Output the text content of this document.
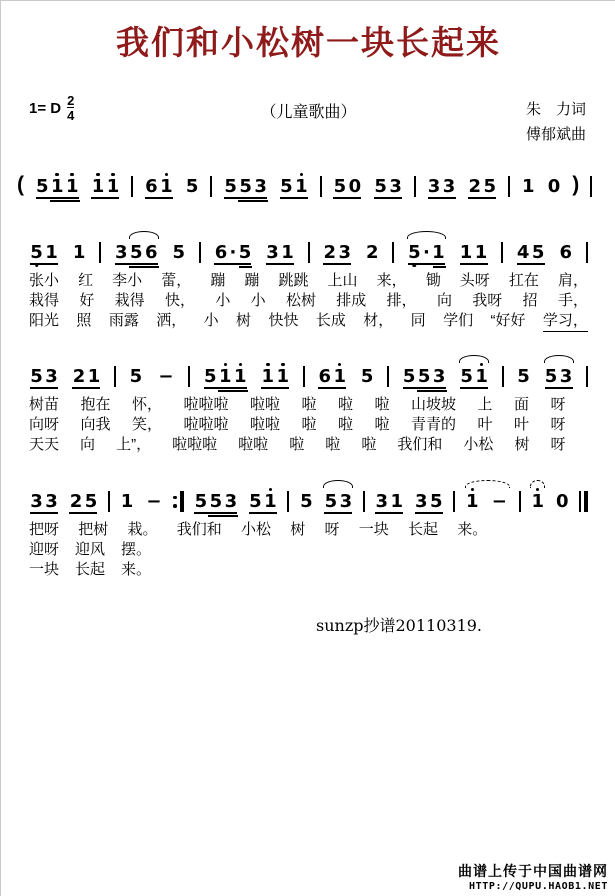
我们和小松树一块长起来
1= D $\frac{2}{4}$	（儿童歌曲）	朱　力词
傅郁斌曲
( 5 1 1 1 1 6 1 5 5 5 3 5 1 5 0 5 3 3 3 2 5 1 0 )
5 1 1 3 5 6 5 6 · 5 3 1 2 3 2 5 · 1 1 1 4 5 6
张小 红 李小 蕾， 蹦 蹦 跳跳 上山 来， 锄 头呀 扛在 肩，
栽得 好 栽得 快， 小 小 松树 排成 排， 向 我呀 招 手，
阳光 照 雨露 洒， 小 树 快快 长成 材， 同 学们 “好好 学习，
5 3 2 1 5 − 5 1 1 1 1 6 1 5 5 5 3 5 1 5 5 3
树苗 抱在 怀， 啦啦啦 啦啦 啦 啦 啦 山坡坡 上 面 呀
向呀 向我 笑， 啦啦啦 啦啦 啦 啦 啦 青青的 叶 叶 呀
天天 向 上”， 啦啦啦 啦啦 啦 啦 啦 我们和 小松 树 呀
3 3 2 5 1 − 5 5 3 5 1 5 5 3 3 1 3 5 1 − 1 0
把呀 把树 栽。 我们和 小松 树 呀 一块 长起 来。
迎呀 迎风 摆。
一块 长起 来。
sunzp抄谱20110319.
曲谱上传于中国曲谱网
HTTP://QUPU.HAOB1.NET
